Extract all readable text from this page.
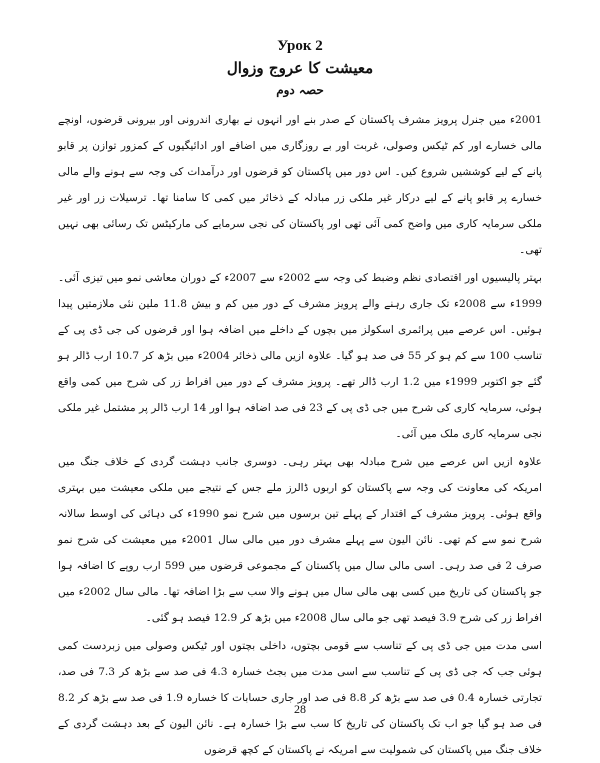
Урок 2
معیشت کا عروج وزوال
حصہ دوم

2001ء میں جنرل پرویز مشرف پاکستان کے صدر بنے اور انہوں نے بھاری اندرونی اور بیرونی قرضوں، اونچے مالی خسارے اور کم ٹیکس وصولی، غربت اور بے روزگاری میں اضافے اور ادائیگیوں کے کمزور توازن پر قابو پانے کے لیے کوششیں شروع کیں۔ اس دور میں پاکستان کو قرضوں اور درآمدات کی وجہ سے ہونے والے مالی خسارے پر قابو پانے کے لیے درکار غیر ملکی زر مبادلہ کے ذخائر میں کمی کا سامنا تھا۔ ترسیلات زر اور غیر ملکی سرمایہ کاری میں واضح کمی آئی تھی اور پاکستان کی نجی سرمایے کی مارکیٹس تک رسائی بھی نہیں تھی۔

بہتر پالیسیوں اور اقتصادی نظم وضبط کی وجہ سے 2002ء سے 2007ء کے دوران معاشی نمو میں تیزی آئی۔ 1999ء سے 2008ء تک جاری رہنے والے پرویز مشرف کے دور میں کم و بیش 11.8 ملین نئی ملازمتیں پیدا ہوئیں۔ اس عرصے میں پرائمری اسکولز میں بچوں کے داخلے میں اضافہ ہوا اور قرضوں کی جی ڈی پی کے تناسب 100 سے کم ہو کر 55 فی صد ہو گیا۔ علاوہ ازیں مالی ذخائر 2004ء میں بڑھ کر 10.7 ارب ڈالر ہو گئے جو اکتوبر 1999ء میں 1.2 ارب ڈالر تھے۔ پرویز مشرف کے دور میں افراط زر کی شرح میں کمی واقع ہوئی، سرمایہ کاری کی شرح میں جی ڈی پی کے 23 فی صد اضافہ ہوا اور 14 ارب ڈالر پر مشتمل غیر ملکی نجی سرمایہ کاری ملک میں آئی۔

علاوہ ازیں اس عرصے میں شرح مبادلہ بھی بہتر رہی۔ دوسری جانب دہشت گردی کے خلاف جنگ میں امریکہ کی معاونت کی وجہ سے پاکستان کو اربوں ڈالرز ملے جس کے نتیجے میں ملکی معیشت میں بہتری واقع ہوئی۔ پرویز مشرف کے اقتدار کے پہلے تین برسوں میں شرح نمو 1990ء کی دہائی کی اوسط سالانہ شرح نمو سے کم تھی۔ نائن الیون سے پہلے مشرف دور میں مالی سال 2001ء میں معیشت کی شرح نمو صرف 2 فی صد رہی۔ اسی مالی سال میں پاکستان کے مجموعی قرضوں میں 599 ارب روپے کا اضافہ ہوا جو پاکستان کی تاریخ میں کسی بھی مالی سال میں ہونے والا سب سے بڑا اضافہ تھا۔ مالی سال 2002ء میں افراط زر کی شرح 3.9 فیصد تھی جو مالی سال 2008ء میں بڑھ کر 12.9 فیصد ہو گئی۔

اسی مدت میں جی ڈی پی کے تناسب سے قومی بچتوں، داخلی بچتوں اور ٹیکس وصولی میں زبردست کمی ہوئی جب کہ جی ڈی پی کے تناسب سے اسی مدت میں بجٹ خسارہ 4.3 فی صد سے بڑھ کر 7.3 فی صد، تجارتی خسارہ 0.4 فی صد سے بڑھ کر 8.8 فی صد اور جاری حسابات کا خسارہ 1.9 فی صد سے بڑھ کر 8.2 فی صد ہو گیا جو اب تک پاکستان کی تاریخ کا سب سے بڑا خسارہ ہے۔ نائن الیون کے بعد دہشت گردی کے خلاف جنگ میں پاکستان کی شمولیت سے امریکہ نے پاکستان کے کچھ قرضوں

28
